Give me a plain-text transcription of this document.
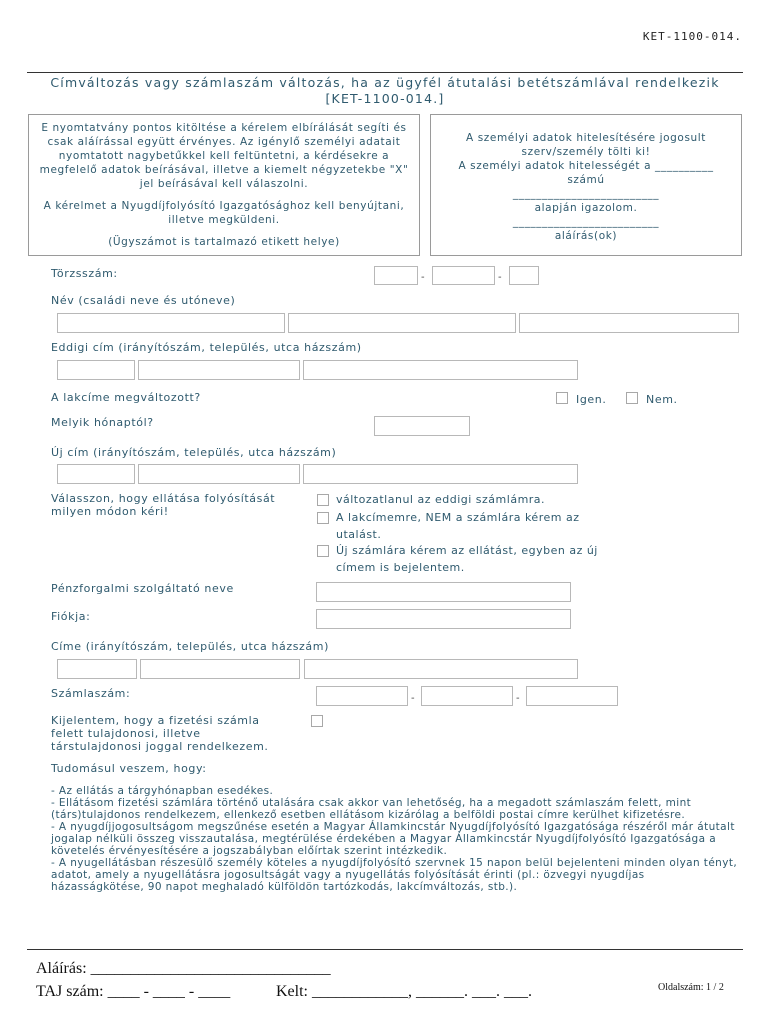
KET-1100-014.
Címváltozás vagy számlaszám változás, ha az ügyfél átutalási betétszámlával rendelkezik
[KET-1100-014.]

E nyomtatvány pontos kitöltése a kérelem elbírálását segíti és csak aláírással együtt érvényes. Az igénylő személyi adatait nyomtatott nagybetűkkel kell feltüntetni, a kérdésekre a megfelelő adatok beírásával, illetve a kiemelt négyzetekbe "X" jel beírásával kell válaszolni.

A kérelmet a Nyugdíjfolyósító Igazgatósághoz kell benyújtani, illetve megküldeni.

(Ügyszámot is tartalmazó etikett helye)

A személyi adatok hitelesítésére jogosult szerv/személy tölti ki!

A személyi adatok hitelességét a __________ számú

_________________________

alapján igazolom.

_________________________

aláírás(ok)

Törzsszám:	-	-
Név (családi neve és utóneve)
Eddigi cím (irányítószám, település, utca házszám)
A lakcíme megváltozott?	Igen.	Nem.
Melyik hónaptól?
Új cím (irányítószám, település, utca házszám)
Válasszon, hogy ellátása folyósítását milyen módon kéri!
változatlanul az eddigi számlámra.
A lakcímemre, NEM a számlára kérem az utalást.
Új számlára kérem az ellátást, egyben az új címem is bejelentem.
Pénzforgalmi szolgáltató neve
Fiókja:
Címe (irányítószám, település, utca házszám)
Számlaszám:	-	-
Kijelentem, hogy a fizetési számla felett tulajdonosi, illetve társtulajdonosi joggal rendelkezem.
Tudomásul veszem, hogy:

- Az ellátás a tárgyhónapban esedékes.

- Ellátásom fizetési számlára történő utalására csak akkor van lehetőség, ha a megadott számlaszám felett, mint (társ)tulajdonos rendelkezem, ellenkező esetben ellátásom kizárólag a belföldi postai címre kerülhet kifizetésre.

- A nyugdíjjogosultságom megszűnése esetén a Magyar Államkincstár Nyugdíjfolyósító Igazgatósága részéről már átutalt jogalap nélküli összeg visszautalása, megtérülése érdekében a Magyar Államkincstár Nyugdíjfolyósító Igazgatósága a követelés érvényesítésére a jogszabályban előírtak szerint intézkedik.

- A nyugellátásban részesülő személy köteles a nyugdíjfolyósító szervnek 15 napon belül bejelenteni minden olyan tényt, adatot, amely a nyugellátásra jogosultságát vagy a nyugellátás folyósítását érinti (pl.: özvegyi nyugdíjas házasságkötése, 90 napot meghaladó külföldön tartózkodás, lakcímváltozás, stb.).

Aláírás: ______________________________
TAJ szám: ____ - ____ - ____	Kelt: ____________, ______. ___. ___.	Oldalszám: 1 / 2
